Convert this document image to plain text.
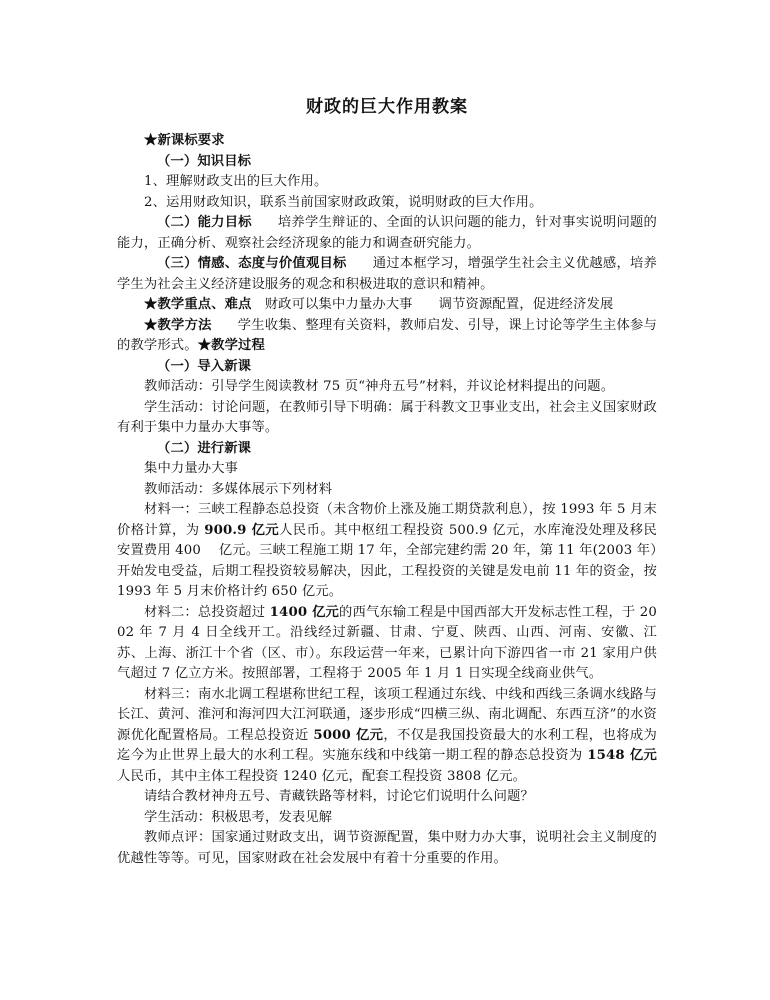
财政的巨大作用教案

★新课标要求

（一）知识目标

1、理解财政支出的巨大作用。

2、运用财政知识，联系当前国家财政政策，说明财政的巨大作用。

（二）能力目标 培养学生辩证的、全面的认识问题的能力，针对事实说明问题的能力，正确分析、观察社会经济现象的能力和调查研究能力。

（三）情感、态度与价值观目标 通过本框学习，增强学生社会主义优越感，培养学生为社会主义经济建设服务的观念和积极进取的意识和精神。

★教学重点、难点 财政可以集中力量办大事 调节资源配置，促进经济发展

★教学方法 学生收集、整理有关资料，教师启发、引导，课上讨论等学生主体参与的教学形式。★教学过程

（一）导入新课

教师活动：引导学生阅读教材 75 页“神舟五号”材料，并议论材料提出的问题。

学生活动：讨论问题，在教师引导下明确：属于科教文卫事业支出，社会主义国家财政有利于集中力量办大事等。

（二）进行新课

集中力量办大事

教师活动：多媒体展示下列材料

材料一：三峡工程静态总投资（未含物价上涨及施工期贷款利息），按 1993 年 5 月末价格计算，为 900.9 亿元人民币。其中枢纽工程投资 500.9 亿元，水库淹没处理及移民安置费用 400　 亿元。三峡工程施工期 17 年，全部完建约需 20 年，第 11 年(2003 年）开始发电受益，后期工程投资较易解决，因此，工程投资的关键是发电前 11 年的资金，按 1993 年 5 月末价格计约 650 亿元。

材料二：总投资超过 1400 亿元的西气东输工程是中国西部大开发标志性工程，于 2002 年 7 月 4 日全线开工。沿线经过新疆、甘肃、宁夏、陕西、山西、河南、安徽、江苏、上海、浙江十个省（区、市）。东段运营一年来，已累计向下游四省一市 21 家用户供气超过 7 亿立方米。按照部署，工程将于 2005 年 1 月 1 日实现全线商业供气。

材料三：南水北调工程堪称世纪工程，该项工程通过东线、中线和西线三条调水线路与长江、黄河、淮河和海河四大江河联通，逐步形成“四横三纵、南北调配、东西互济”的水资源优化配置格局。工程总投资近 5000 亿元，不仅是我国投资最大的水利工程，也将成为迄今为止世界上最大的水利工程。实施东线和中线第一期工程的静态总投资为 1548 亿元人民币，其中主体工程投资 1240 亿元，配套工程投资 3808 亿元。

请结合教材神舟五号、青藏铁路等材料，讨论它们说明什么问题？

学生活动：积极思考，发表见解

教师点评：国家通过财政支出，调节资源配置，集中财力办大事，说明社会主义制度的优越性等等。可见，国家财政在社会发展中有着十分重要的作用。
